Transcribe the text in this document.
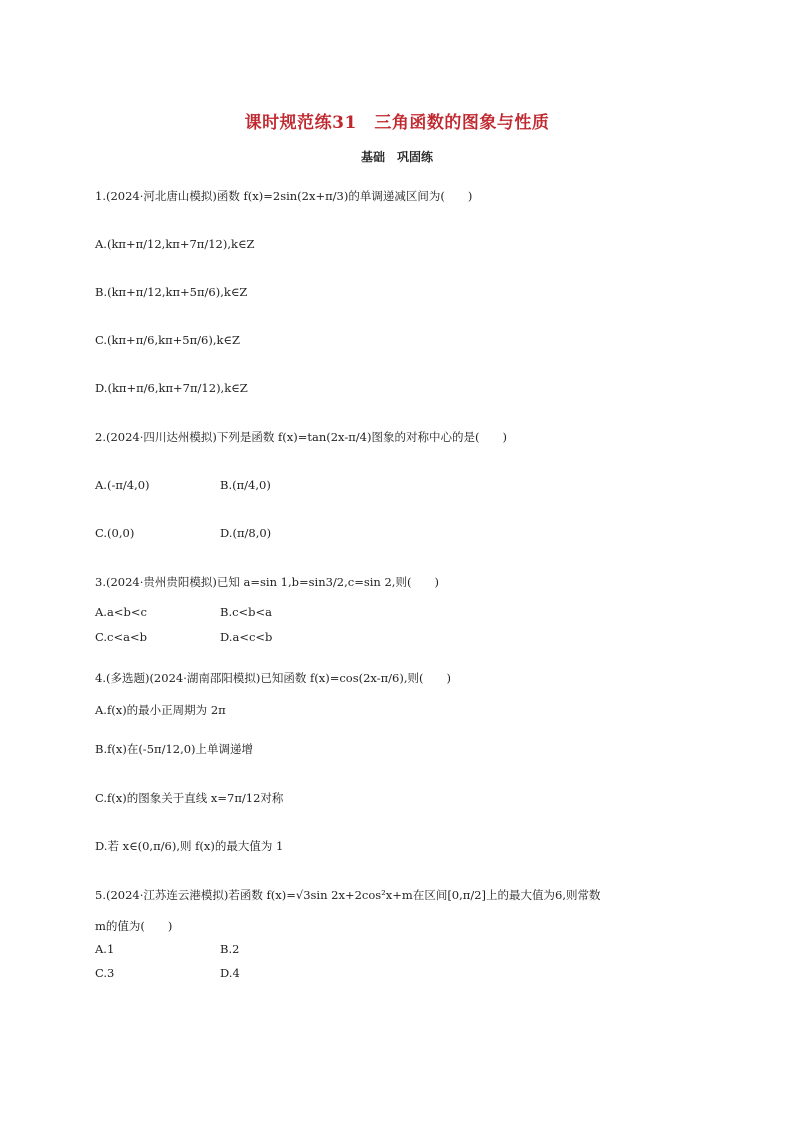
课时规范练31　三角函数的图象与性质
基础　巩固练
1.(2024·河北唐山模拟)函数 f(x)=2sin(2x+π/3)的单调递减区间为(　　)
A.(kπ+π/12,kπ+7π/12),k∈Z
B.(kπ+π/12,kπ+5π/6),k∈Z
C.(kπ+π/6,kπ+5π/6),k∈Z
D.(kπ+π/6,kπ+7π/12),k∈Z
2.(2024·四川达州模拟)下列是函数 f(x)=tan(2x-π/4)图象的对称中心的是(　　)
A.(-π/4,0)	B.(π/4,0)
C.(0,0)	D.(π/8,0)
3.(2024·贵州贵阳模拟)已知 a=sin 1,b=sin3/2,c=sin 2,则(　　)
A.a<b<c	B.c<b<a
C.c<a<b	D.a<c<b
4.(多选题)(2024·湖南邵阳模拟)已知函数 f(x)=cos(2x-π/6),则(　　)
A.f(x)的最小正周期为 2π
B.f(x)在(-5π/12,0)上单调递增
C.f(x)的图象关于直线 x=7π/12对称
D.若 x∈(0,π/6),则 f(x)的最大值为 1
5.(2024·江苏连云港模拟)若函数 f(x)=√3sin 2x+2cos²x+m在区间[0,π/2]上的最大值为6,则常数
m的值为(　　)
A.1	B.2
C.3	D.4
